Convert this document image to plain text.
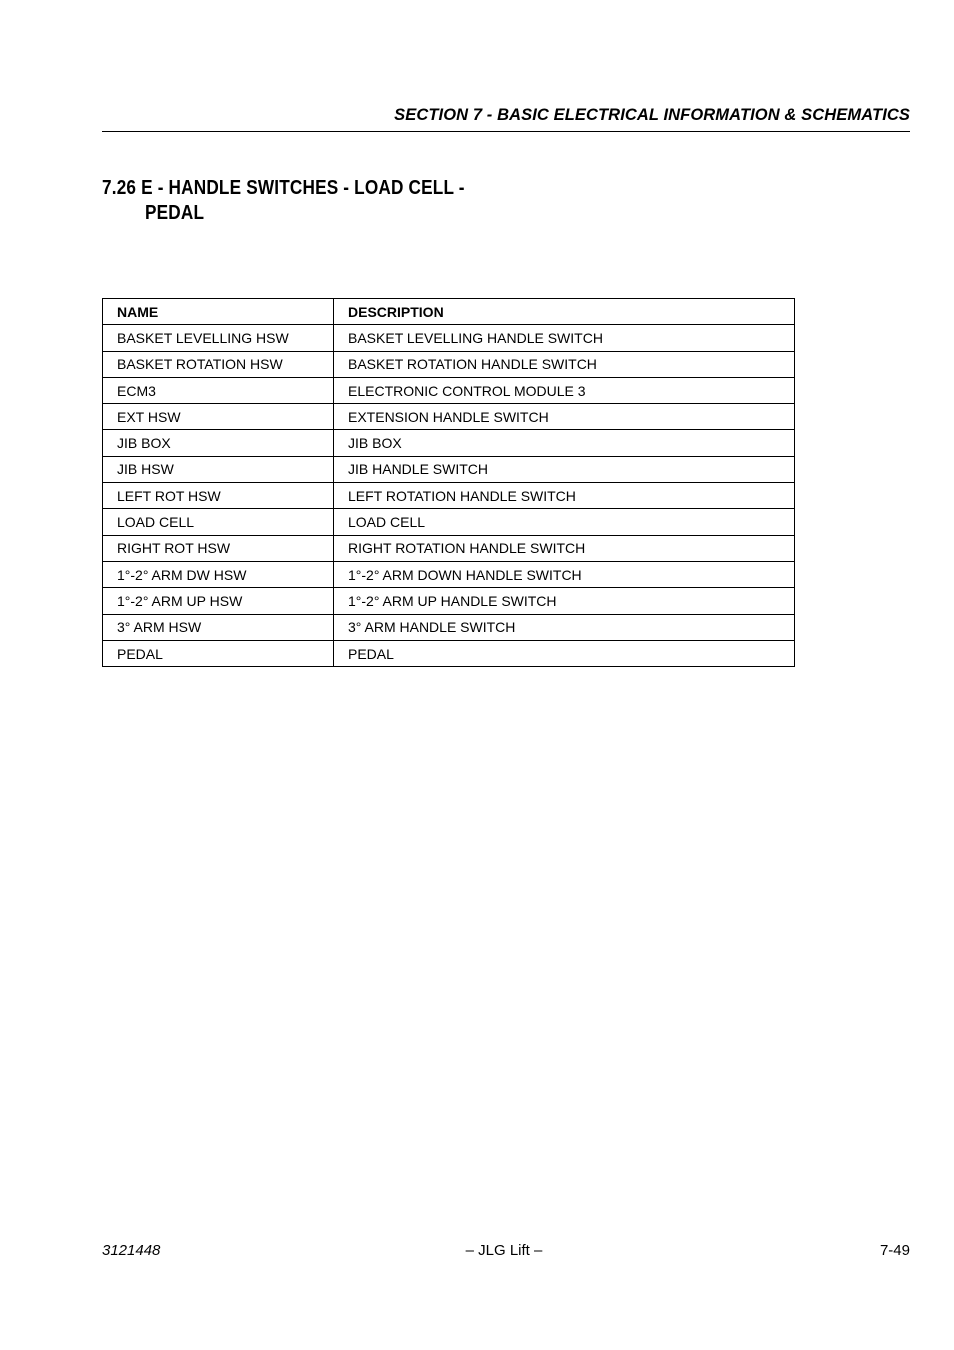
SECTION 7 - BASIC ELECTRICAL INFORMATION & SCHEMATICS
7.26 E - HANDLE SWITCHES - LOAD CELL -
PEDAL
NAME	DESCRIPTION
BASKET LEVELLING HSW	BASKET LEVELLING HANDLE SWITCH
BASKET ROTATION HSW	BASKET ROTATION HANDLE SWITCH
ECM3	ELECTRONIC CONTROL MODULE 3
EXT HSW	EXTENSION HANDLE SWITCH
JIB BOX	JIB BOX
JIB HSW	JIB HANDLE SWITCH
LEFT ROT HSW	LEFT ROTATION HANDLE SWITCH
LOAD CELL	LOAD CELL
RIGHT ROT HSW	RIGHT ROTATION HANDLE SWITCH
1°-2° ARM DW HSW	1°-2° ARM DOWN HANDLE SWITCH
1°-2° ARM UP HSW	1°-2° ARM UP HANDLE SWITCH
3° ARM HSW	3° ARM HANDLE SWITCH
PEDAL	PEDAL
3121448	– JLG Lift –	7-49
